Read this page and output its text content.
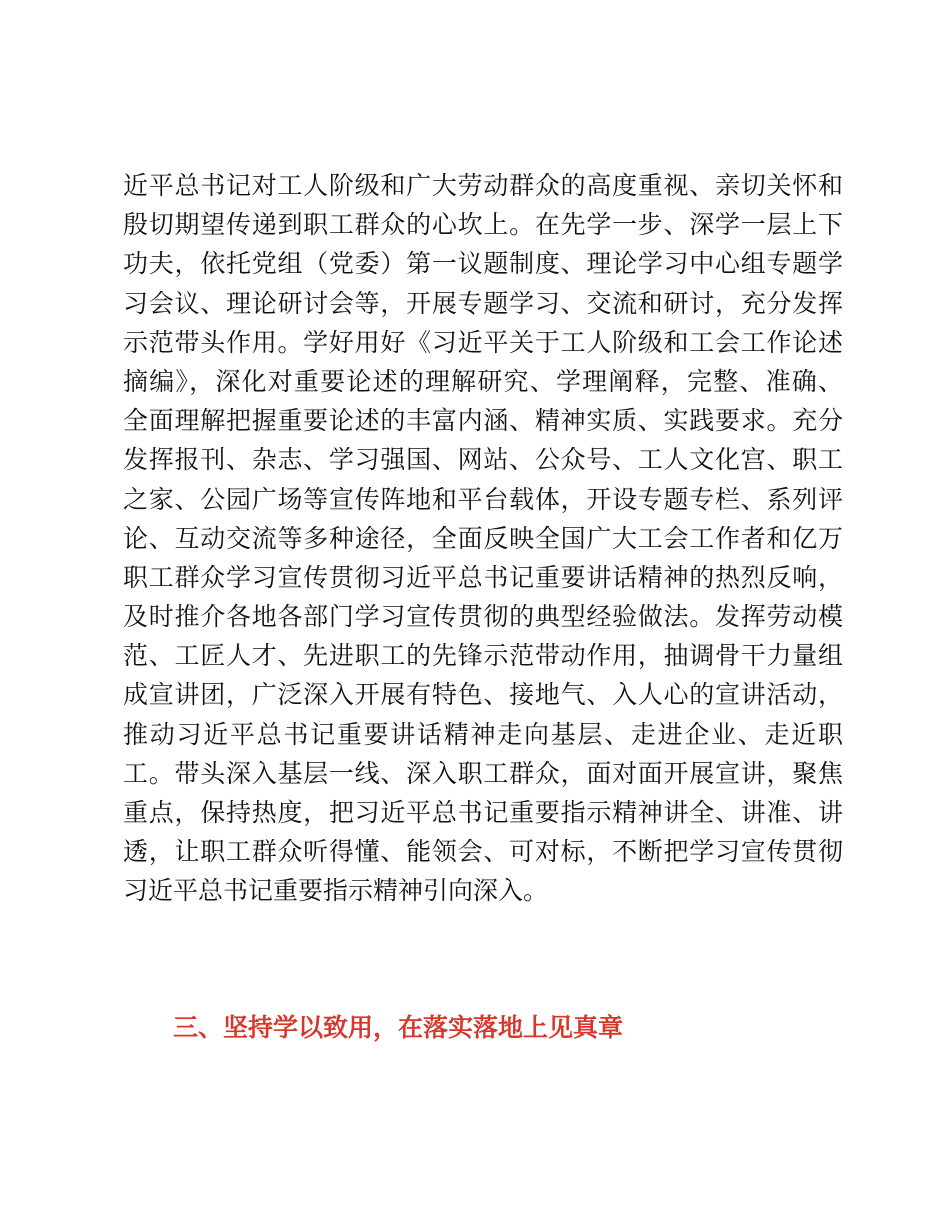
近平总书记对工人阶级和广大劳动群众的高度重视、亲切关怀和
殷切期望传递到职工群众的心坎上。在先学一步、深学一层上下
功夫，依托党组（党委）第一议题制度、理论学习中心组专题学
习会议、理论研讨会等，开展专题学习、交流和研讨，充分发挥
示范带头作用。学好用好《习近平关于工人阶级和工会工作论述
摘编》，深化对重要论述的理解研究、学理阐释，完整、准确、
全面理解把握重要论述的丰富内涵、精神实质、实践要求。充分
发挥报刊、杂志、学习强国、网站、公众号、工人文化宫、职工
之家、公园广场等宣传阵地和平台载体，开设专题专栏、系列评
论、互动交流等多种途径，全面反映全国广大工会工作者和亿万
职工群众学习宣传贯彻习近平总书记重要讲话精神的热烈反响，
及时推介各地各部门学习宣传贯彻的典型经验做法。发挥劳动模
范、工匠人才、先进职工的先锋示范带动作用，抽调骨干力量组
成宣讲团，广泛深入开展有特色、接地气、入人心的宣讲活动，
推动习近平总书记重要讲话精神走向基层、走进企业、走近职
工。带头深入基层一线、深入职工群众，面对面开展宣讲，聚焦
重点，保持热度，把习近平总书记重要指示精神讲全、讲准、讲
透，让职工群众听得懂、能领会、可对标，不断把学习宣传贯彻
习近平总书记重要指示精神引向深入。
三、坚持学以致用，在落实落地上见真章
